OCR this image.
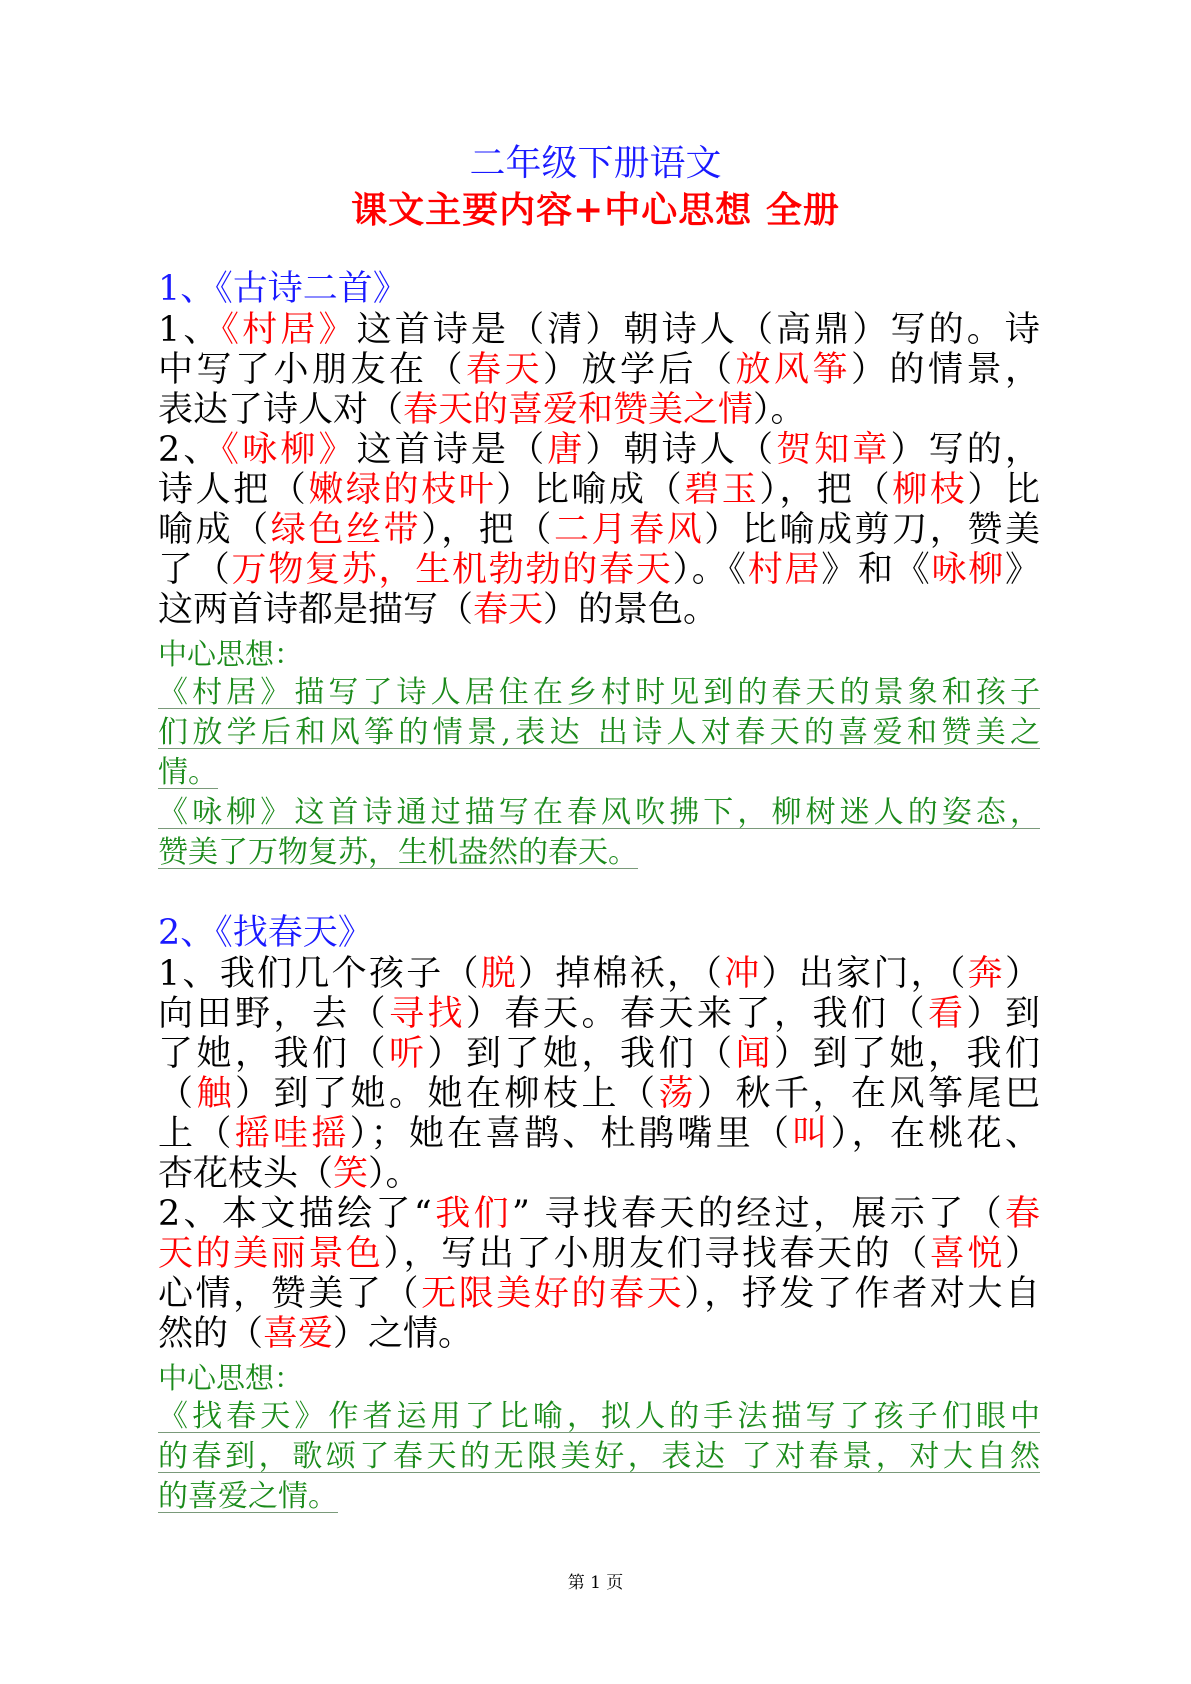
二年级下册语文
课文主要内容+中心思想 全册
1、《古诗二首》
1、《村居》这首诗是（清）朝诗人（高鼎）写的。诗
中写了小朋友在（春天）放学后（放风筝）的情景，
表达了诗人对（春天的喜爱和赞美之情）。
2、《咏柳》这首诗是（唐）朝诗人（贺知章）写的，
诗人把（嫩绿的枝叶）比喻成（碧玉），把（柳枝）比
喻成（绿色丝带），把（二月春风）比喻成剪刀，赞美
了（万物复苏，生机勃勃的春天）。《村居》和《咏柳》
这两首诗都是描写（春天）的景色。
中心思想：
《村居》描写了诗人居住在乡村时见到的春天的景象和孩子
们放学后和风筝的情景,表达 出诗人对春天的喜爱和赞美之
情。
《咏柳》这首诗通过描写在春风吹拂下，柳树迷人的姿态，
赞美了万物复苏，生机盎然的春天。
2、《找春天》
1、我们几个孩子（脱）掉棉袄，（冲）出家门，（奔）
向田野，去（寻找）春天。春天来了，我们（看）到
了她，我们（听）到了她，我们（闻）到了她，我们
（触）到了她。她在柳枝上（荡）秋千，在风筝尾巴
上（摇哇摇）；她在喜鹊、杜鹃嘴里（叫），在桃花、
杏花枝头（笑）。
2、本文描绘了“我们” 寻找春天的经过，展示了（春
天的美丽景色），写出了小朋友们寻找春天的（喜悦）
心情，赞美了（无限美好的春天），抒发了作者对大自
然的（喜爱）之情。
中心思想：
《找春天》作者运用了比喻，拟人的手法描写了孩子们眼中
的春到，歌颂了春天的无限美好，表达 了对春景，对大自然
的喜爱之情。
第 1 页
